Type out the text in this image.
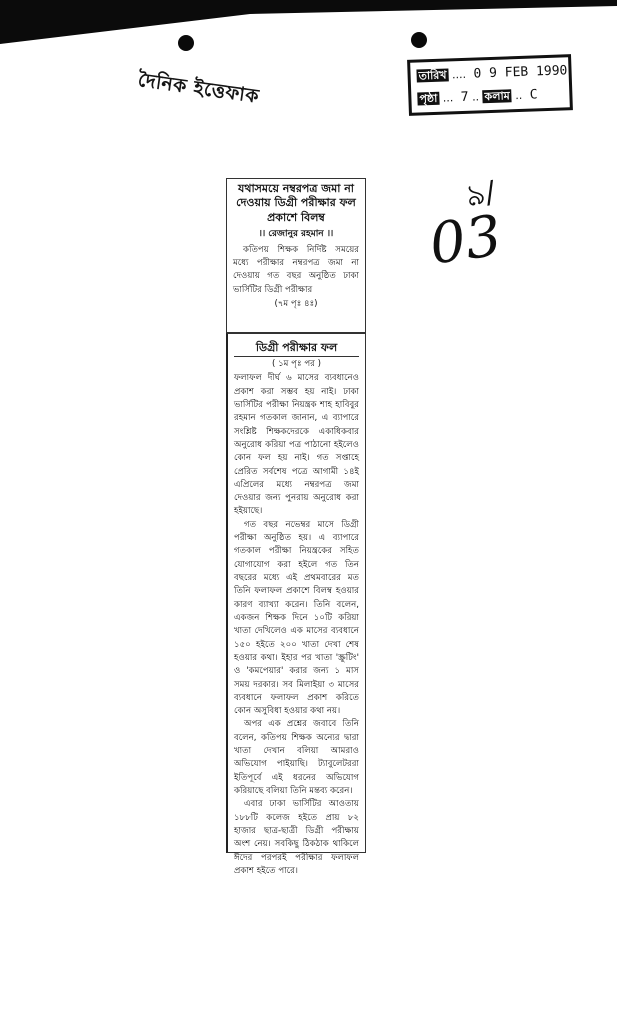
দৈনিক ইত্তেফাক	তারিখ .... 0 9 FEB 1990
পৃষ্ঠা ... 7 .. কলাম .. C
৯/
03

যথাসময়ে নম্বরপত্র জমা না দেওয়ায় ডিগ্রী পরীক্ষার ফল প্রকাশে বিলম্ব

।। রেজানুর রহমান ।।

কতিপয় শিক্ষক নির্দিষ্ট সময়ের মধ্যে পরীক্ষার নম্বরপত্র জমা না দেওয়ায় গত বছর অনুষ্ঠিত ঢাকা ভার্সিটির ডিগ্রী পরীক্ষার

(৭ম পৃঃ ৪ঃ)

ডিগ্রী পরীক্ষার ফল

( ১ম পৃঃ পর )

ফলাফল দীর্ঘ ৬ মাসের ব্যবধানেও প্রকাশ করা সম্ভব হয় নাই। ঢাকা ভার্সিটির পরীক্ষা নিয়ন্ত্রক শাহ হাবিবুর রহমান গতকাল জানান, এ ব্যাপারে সংশ্লিষ্ট শিক্ষকদেরকে একাধিকবার অনুরোধ করিয়া পত্র পাঠানো হইলেও কোন ফল হয় নাই। গত সপ্তাহে প্রেরিত সর্বশেষ পত্রে আগামী ১৪ই এপ্রিলের মধ্যে নম্বরপত্র জমা দেওয়ার জন্য পুনরায় অনুরোধ করা হইয়াছে।

গত বছর নভেম্বর মাসে ডিগ্রী পরীক্ষা অনুষ্ঠিত হয়। এ ব্যাপারে গতকাল পরীক্ষা নিয়ন্ত্রকের সহিত যোগাযোগ করা হইলে গত তিন বছরের মধ্যে এই প্রথমবারের মত তিনি ফলাফল প্রকাশে বিলম্ব হওয়ার কারণ ব্যাখ্যা করেন। তিনি বলেন, একজন শিক্ষক দিনে ১০টি করিয়া খাতা দেখিলেও এক মাসের ব্যবধানে ১৫০ হইতে ২০০ খাতা দেখা শেষ হওয়ার কথা। ইহার পর খাতা 'স্ক্রুটিং' ও 'কমপেয়ার' করার জন্য ১ মাস সময় দরকার। সব মিলাইয়া ৩ মাসের ব্যবধানে ফলাফল প্রকাশ করিতে কোন অসুবিধা হওয়ার কথা নয়।

অপর এক প্রশ্নের জবাবে তিনি বলেন, কতিপয় শিক্ষক অন্যের দ্বারা খাতা দেখান বলিয়া আমরাও অভিযোগ পাইয়াছি। ট্যাবুলেটররা ইতিপূর্বে এই ধরনের অভিযোগ করিয়াছে বলিয়া তিনি মন্তব্য করেন।

এবার ঢাকা ভার্সিটির আওতায় ১৮৮টি কলেজ হইতে প্রায় ৮২ হাজার ছাত্র-ছাত্রী ডিগ্রী পরীক্ষায় অংশ নেয়। সবকিছু ঠিকঠাক থাকিলে ঈদের পরপরই পরীক্ষার ফলাফল প্রকাশ হইতে পারে।
